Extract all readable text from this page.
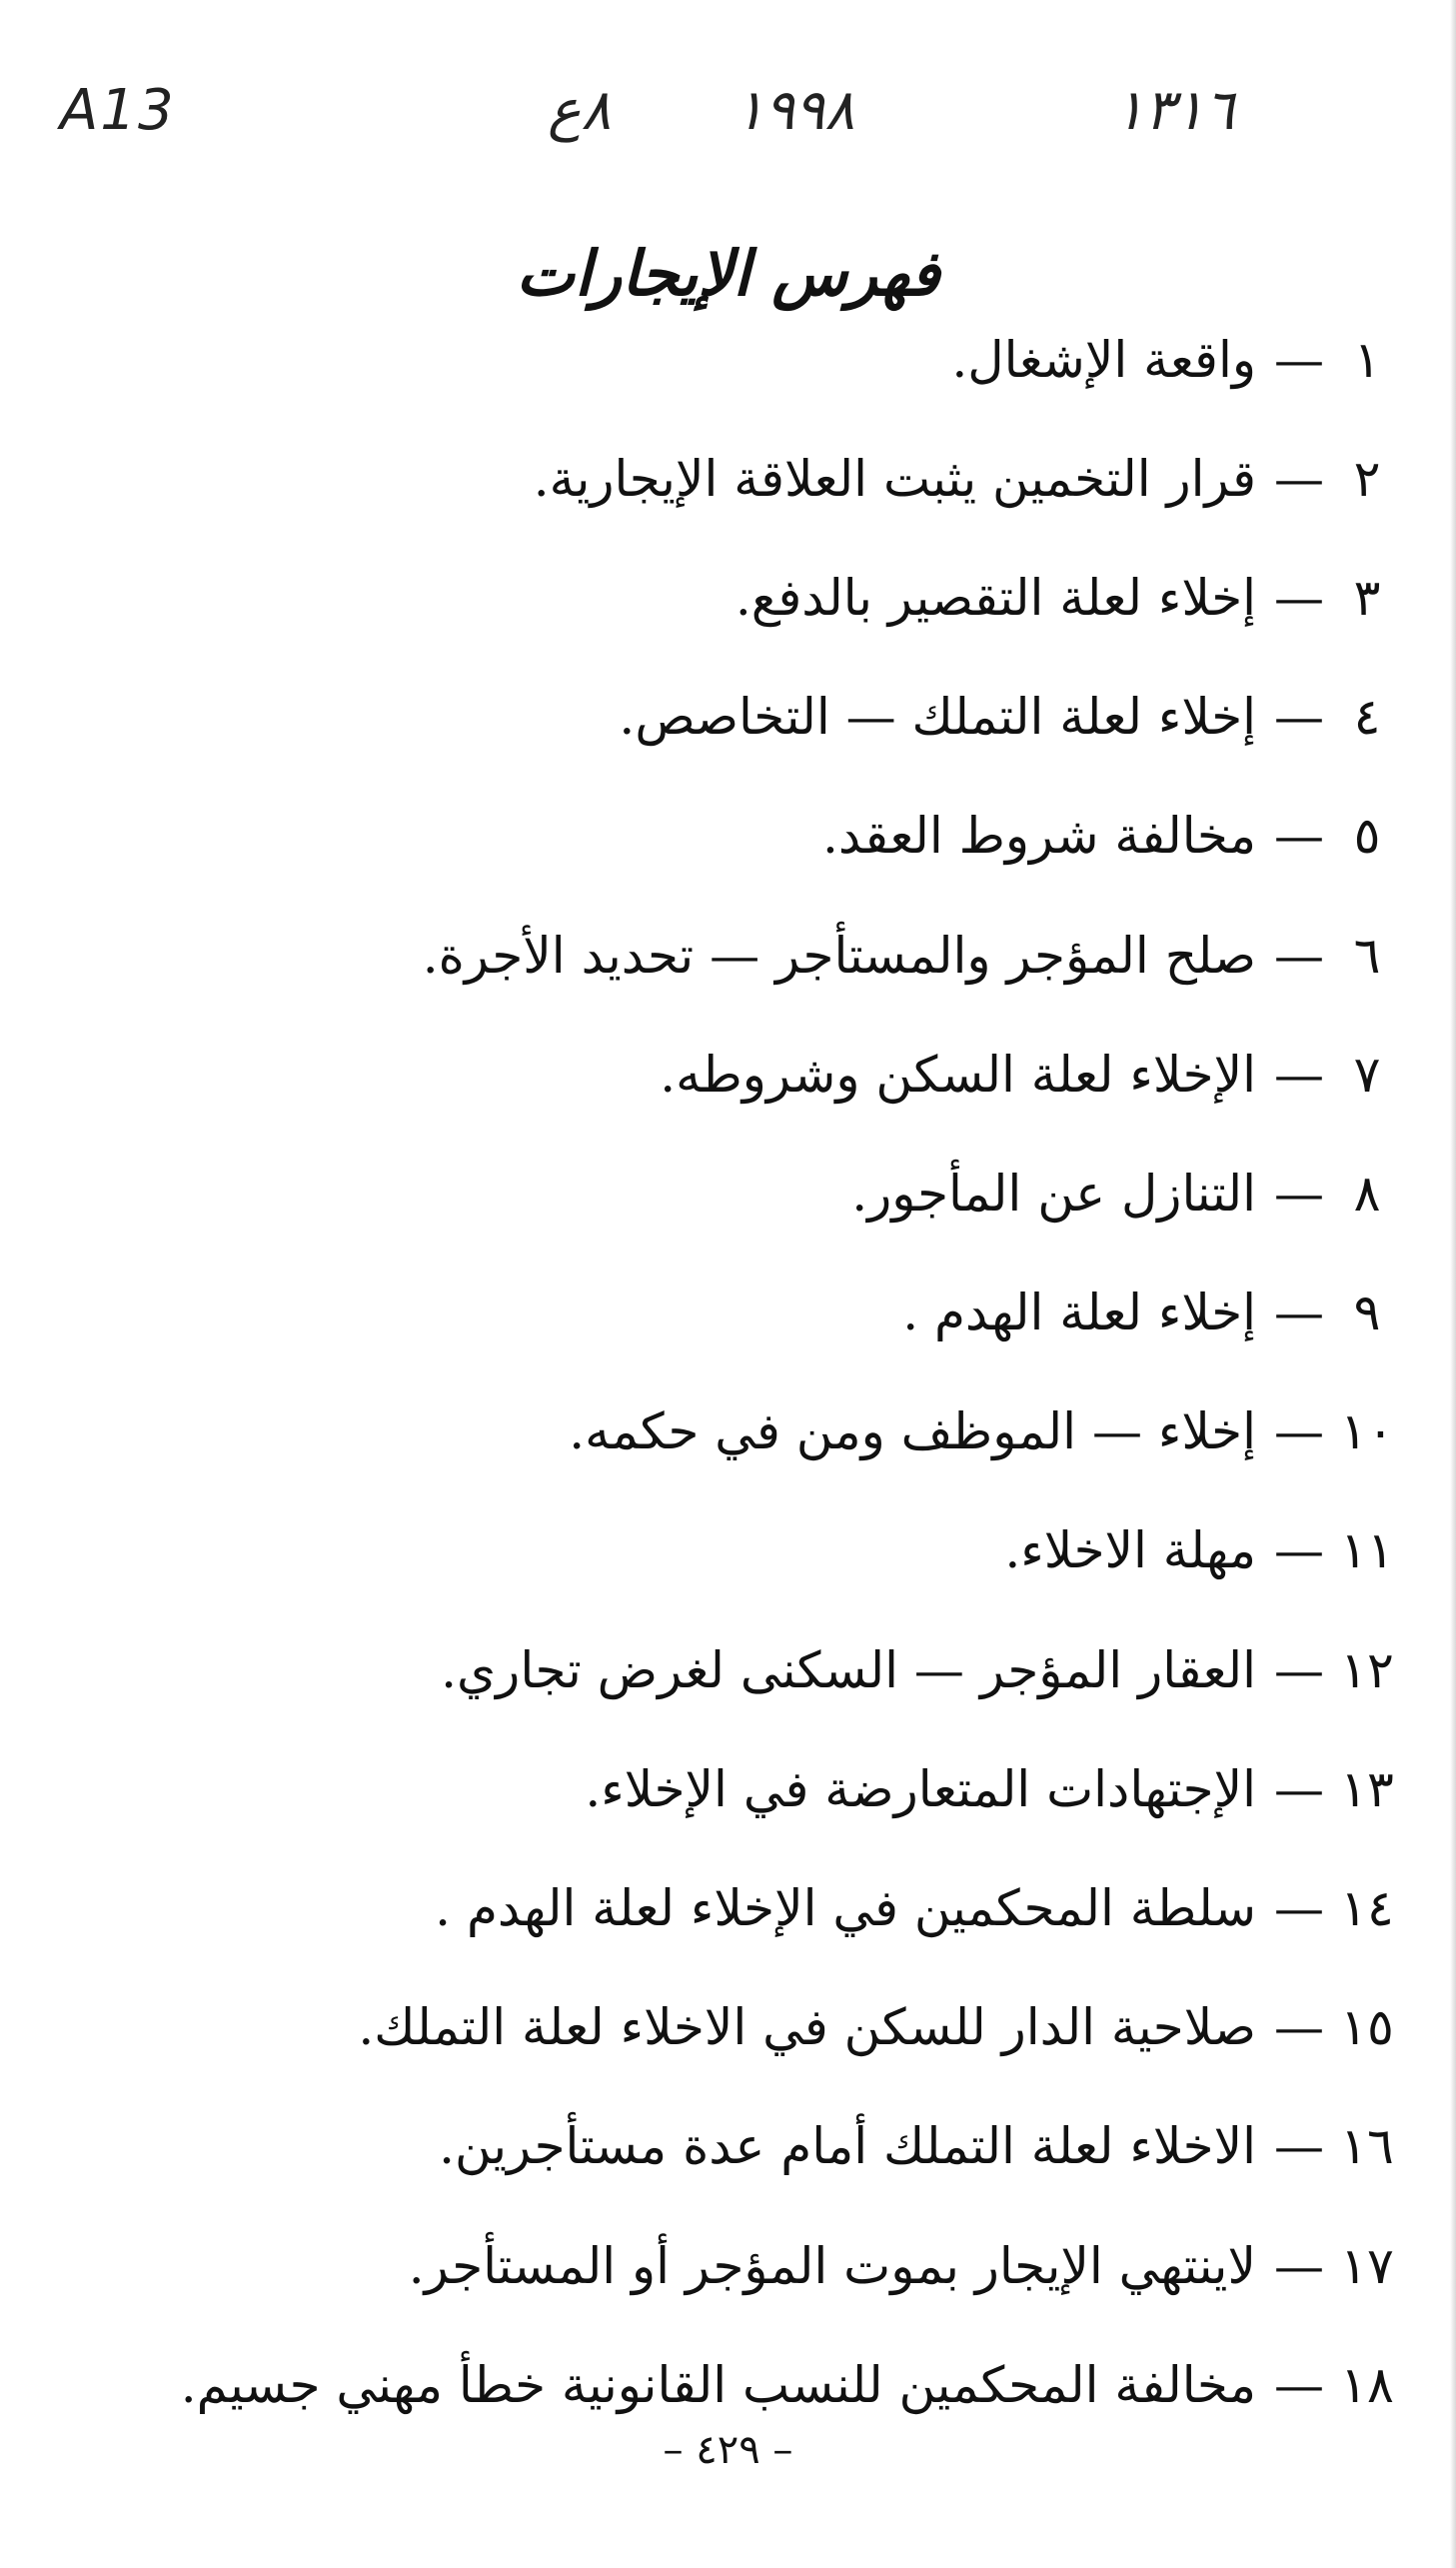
A13	٨ع ١٩٩٨	١٣١٦
فهرس الإيجارات
١
—
واقعة الإشغال.
٢
—
قرار التخمين يثبت العلاقة الإيجارية.
٣
—
إخلاء لعلة التقصير بالدفع.
٤
—
إخلاء لعلة التملك — التخاصص.
٥
—
مخالفة شروط العقد.
٦
—
صلح المؤجر والمستأجر — تحديد الأجرة.
٧
—
الإخلاء لعلة السكن وشروطه.
٨
—
التنازل عن المأجور.
٩
—
إخلاء لعلة الهدم .
١٠
—
إخلاء — الموظف ومن في حكمه.
١١
—
مهلة الاخلاء.
١٢
—
العقار المؤجر — السكنى لغرض تجاري.
١٣
—
الإجتهادات المتعارضة في الإخلاء.
١٤
—
سلطة المحكمين في الإخلاء لعلة الهدم .
١٥
—
صلاحية الدار للسكن في الاخلاء لعلة التملك.
١٦
—
الاخلاء لعلة التملك أمام عدة مستأجرين.
١٧
—
لاينتهي الإيجار بموت المؤجر أو المستأجر.
١٨
—
مخالفة المحكمين للنسب القانونية خطأ مهني جسيم.
– ٤٢٩ –
